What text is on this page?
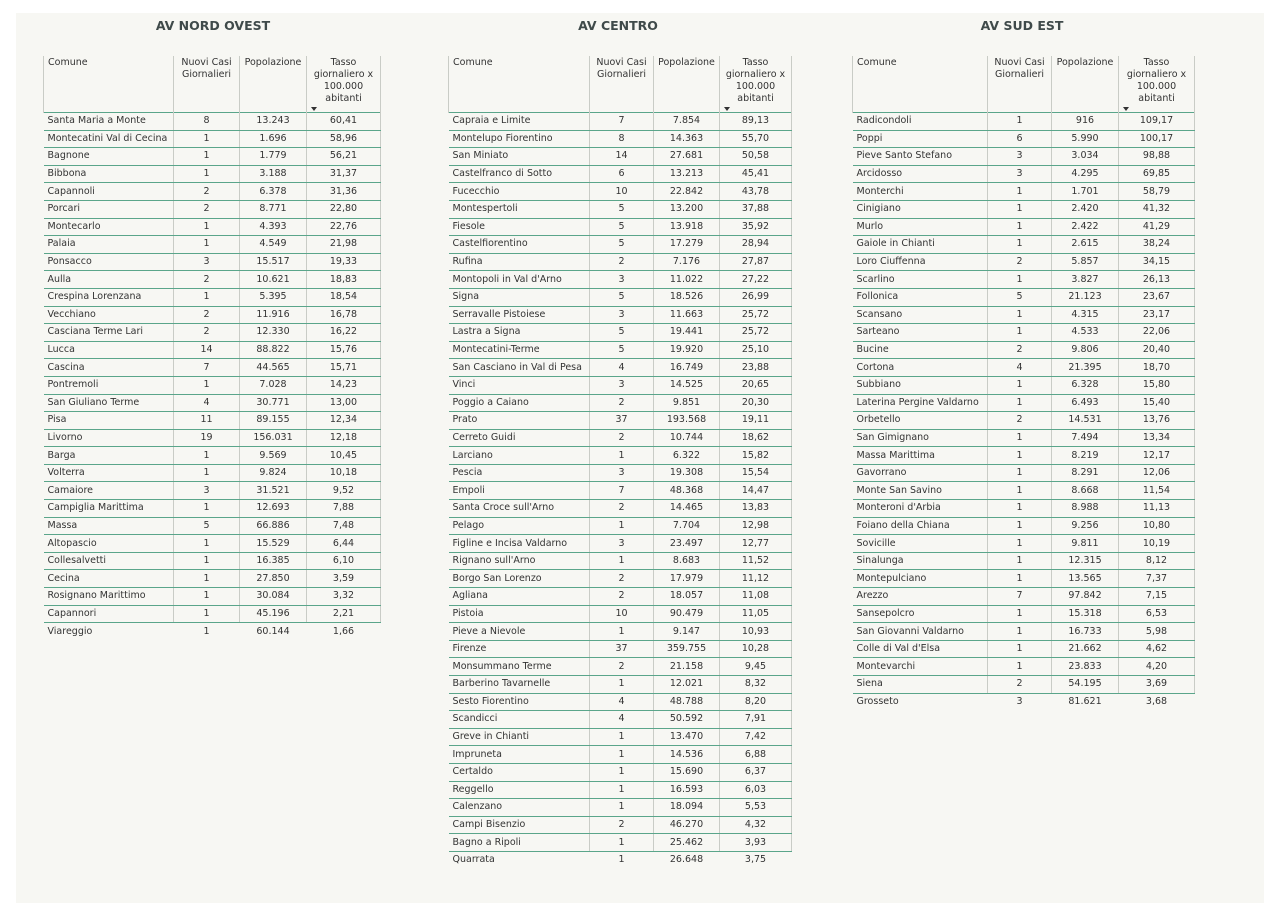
AV NORD OVEST
Comune	Nuovi Casi Giornalieri	Popolazione	Tasso giornaliero x 100.000 abitanti

Santa Maria a Monte	8	13.243	60,41
Montecatini Val di Cecina	1	1.696	58,96
Bagnone	1	1.779	56,21
Bibbona	1	3.188	31,37
Capannoli	2	6.378	31,36
Porcari	2	8.771	22,80
Montecarlo	1	4.393	22,76
Palaia	1	4.549	21,98
Ponsacco	3	15.517	19,33
Aulla	2	10.621	18,83
Crespina Lorenzana	1	5.395	18,54
Vecchiano	2	11.916	16,78
Casciana Terme Lari	2	12.330	16,22
Lucca	14	88.822	15,76
Cascina	7	44.565	15,71
Pontremoli	1	7.028	14,23
San Giuliano Terme	4	30.771	13,00
Pisa	11	89.155	12,34
Livorno	19	156.031	12,18
Barga	1	9.569	10,45
Volterra	1	9.824	10,18
Camaiore	3	31.521	9,52
Campiglia Marittima	1	12.693	7,88
Massa	5	66.886	7,48
Altopascio	1	15.529	6,44
Collesalvetti	1	16.385	6,10
Cecina	1	27.850	3,59
Rosignano Marittimo	1	30.084	3,32
Capannori	1	45.196	2,21
Viareggio	1	60.144	1,66
AV CENTRO
Comune	Nuovi Casi Giornalieri	Popolazione	Tasso giornaliero x 100.000 abitanti

Capraia e Limite	7	7.854	89,13
Montelupo Fiorentino	8	14.363	55,70
San Miniato	14	27.681	50,58
Castelfranco di Sotto	6	13.213	45,41
Fucecchio	10	22.842	43,78
Montespertoli	5	13.200	37,88
Fiesole	5	13.918	35,92
Castelfiorentino	5	17.279	28,94
Rufina	2	7.176	27,87
Montopoli in Val d'Arno	3	11.022	27,22
Signa	5	18.526	26,99
Serravalle Pistoiese	3	11.663	25,72
Lastra a Signa	5	19.441	25,72
Montecatini-Terme	5	19.920	25,10
San Casciano in Val di Pesa	4	16.749	23,88
Vinci	3	14.525	20,65
Poggio a Caiano	2	9.851	20,30
Prato	37	193.568	19,11
Cerreto Guidi	2	10.744	18,62
Larciano	1	6.322	15,82
Pescia	3	19.308	15,54
Empoli	7	48.368	14,47
Santa Croce sull'Arno	2	14.465	13,83
Pelago	1	7.704	12,98
Figline e Incisa Valdarno	3	23.497	12,77
Rignano sull'Arno	1	8.683	11,52
Borgo San Lorenzo	2	17.979	11,12
Agliana	2	18.057	11,08
Pistoia	10	90.479	11,05
Pieve a Nievole	1	9.147	10,93
Firenze	37	359.755	10,28
Monsummano Terme	2	21.158	9,45
Barberino Tavarnelle	1	12.021	8,32
Sesto Fiorentino	4	48.788	8,20
Scandicci	4	50.592	7,91
Greve in Chianti	1	13.470	7,42
Impruneta	1	14.536	6,88
Certaldo	1	15.690	6,37
Reggello	1	16.593	6,03
Calenzano	1	18.094	5,53
Campi Bisenzio	2	46.270	4,32
Bagno a Ripoli	1	25.462	3,93
Quarrata	1	26.648	3,75
AV SUD EST
Comune	Nuovi Casi Giornalieri	Popolazione	Tasso giornaliero x 100.000 abitanti

Radicondoli	1	916	109,17
Poppi	6	5.990	100,17
Pieve Santo Stefano	3	3.034	98,88
Arcidosso	3	4.295	69,85
Monterchi	1	1.701	58,79
Cinigiano	1	2.420	41,32
Murlo	1	2.422	41,29
Gaiole in Chianti	1	2.615	38,24
Loro Ciuffenna	2	5.857	34,15
Scarlino	1	3.827	26,13
Follonica	5	21.123	23,67
Scansano	1	4.315	23,17
Sarteano	1	4.533	22,06
Bucine	2	9.806	20,40
Cortona	4	21.395	18,70
Subbiano	1	6.328	15,80
Laterina Pergine Valdarno	1	6.493	15,40
Orbetello	2	14.531	13,76
San Gimignano	1	7.494	13,34
Massa Marittima	1	8.219	12,17
Gavorrano	1	8.291	12,06
Monte San Savino	1	8.668	11,54
Monteroni d'Arbia	1	8.988	11,13
Foiano della Chiana	1	9.256	10,80
Sovicille	1	9.811	10,19
Sinalunga	1	12.315	8,12
Montepulciano	1	13.565	7,37
Arezzo	7	97.842	7,15
Sansepolcro	1	15.318	6,53
San Giovanni Valdarno	1	16.733	5,98
Colle di Val d'Elsa	1	21.662	4,62
Montevarchi	1	23.833	4,20
Siena	2	54.195	3,69
Grosseto	3	81.621	3,68
